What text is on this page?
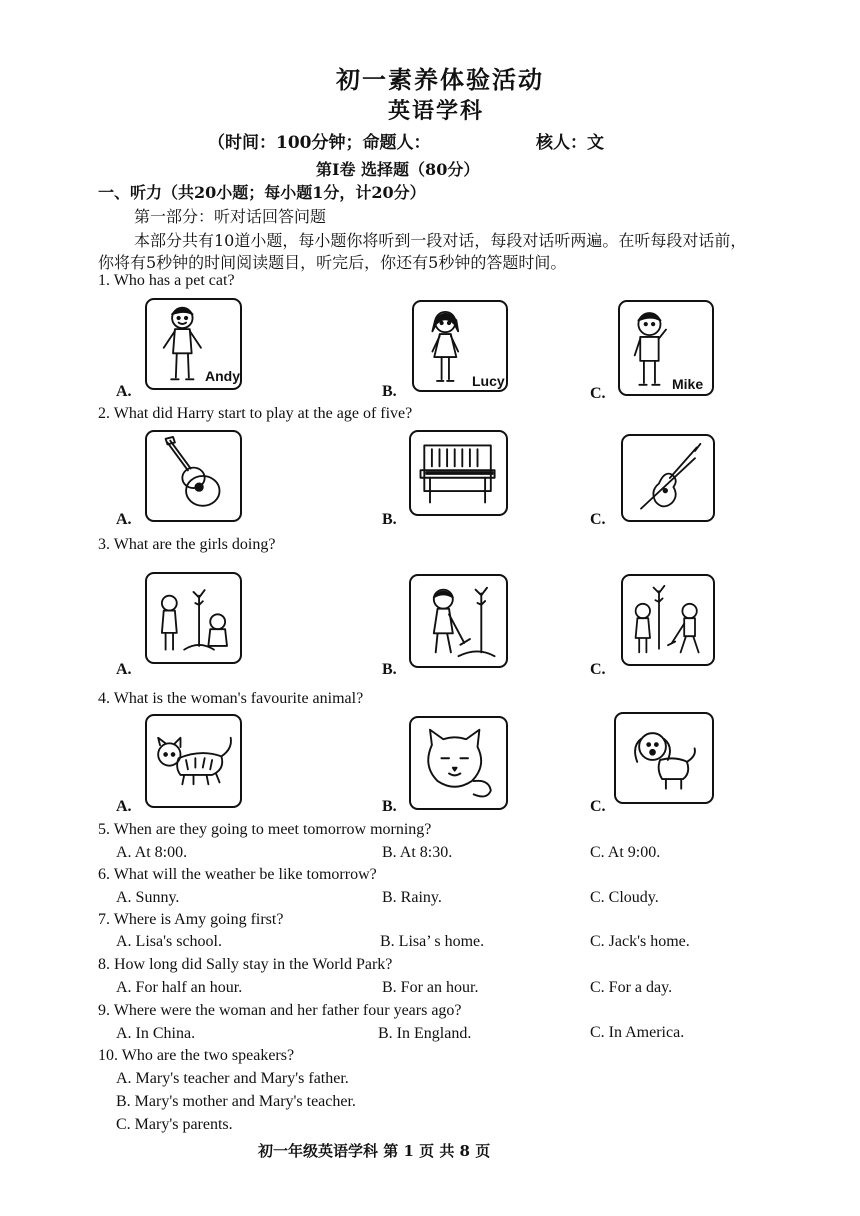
初一素养体验活动
英语学科
（时间：100分钟；命题人：	核人：文
第Ⅰ卷 选择题（80分）
一、听力（共20小题；每小题1分，计20分）
第一部分：听对话回答问题
本部分共有10道小题，每小题你将听到一段对话，每段对话听两遍。在听每段对话前，
你将有5秒钟的时间阅读题目，听完后，你还有5秒钟的答题时间。
1. Who has a pet cat?
A.
Andy
B.
Lucy
C.
Mike
2. What did Harry start to play at the age of five?
A.	B.	C.
3. What are the girls doing?
A.	B.	C.
4. What is the woman's favourite animal?
A.	B.	C.
5. When are they going to meet tomorrow morning?
A. At 8:00.	B. At 8:30.	C. At 9:00.
6. What will the weather be like tomorrow?
A. Sunny.	B. Rainy.	C. Cloudy.
7. Where is Amy going first?
A. Lisa's school.	B. Lisa’ s home.	C. Jack's home.
8. How long did Sally stay in the World Park?
A. For half an hour.	B. For an hour.	C. For a day.
9. Where were the woman and her father four years ago?
A. In China.	B. In England.	C. In America.
10. Who are the two speakers?
A. Mary's teacher and Mary's father.
B. Mary's mother and Mary's teacher.
C. Mary's parents.
初一年级英语学科 第 1 页 共 8 页
